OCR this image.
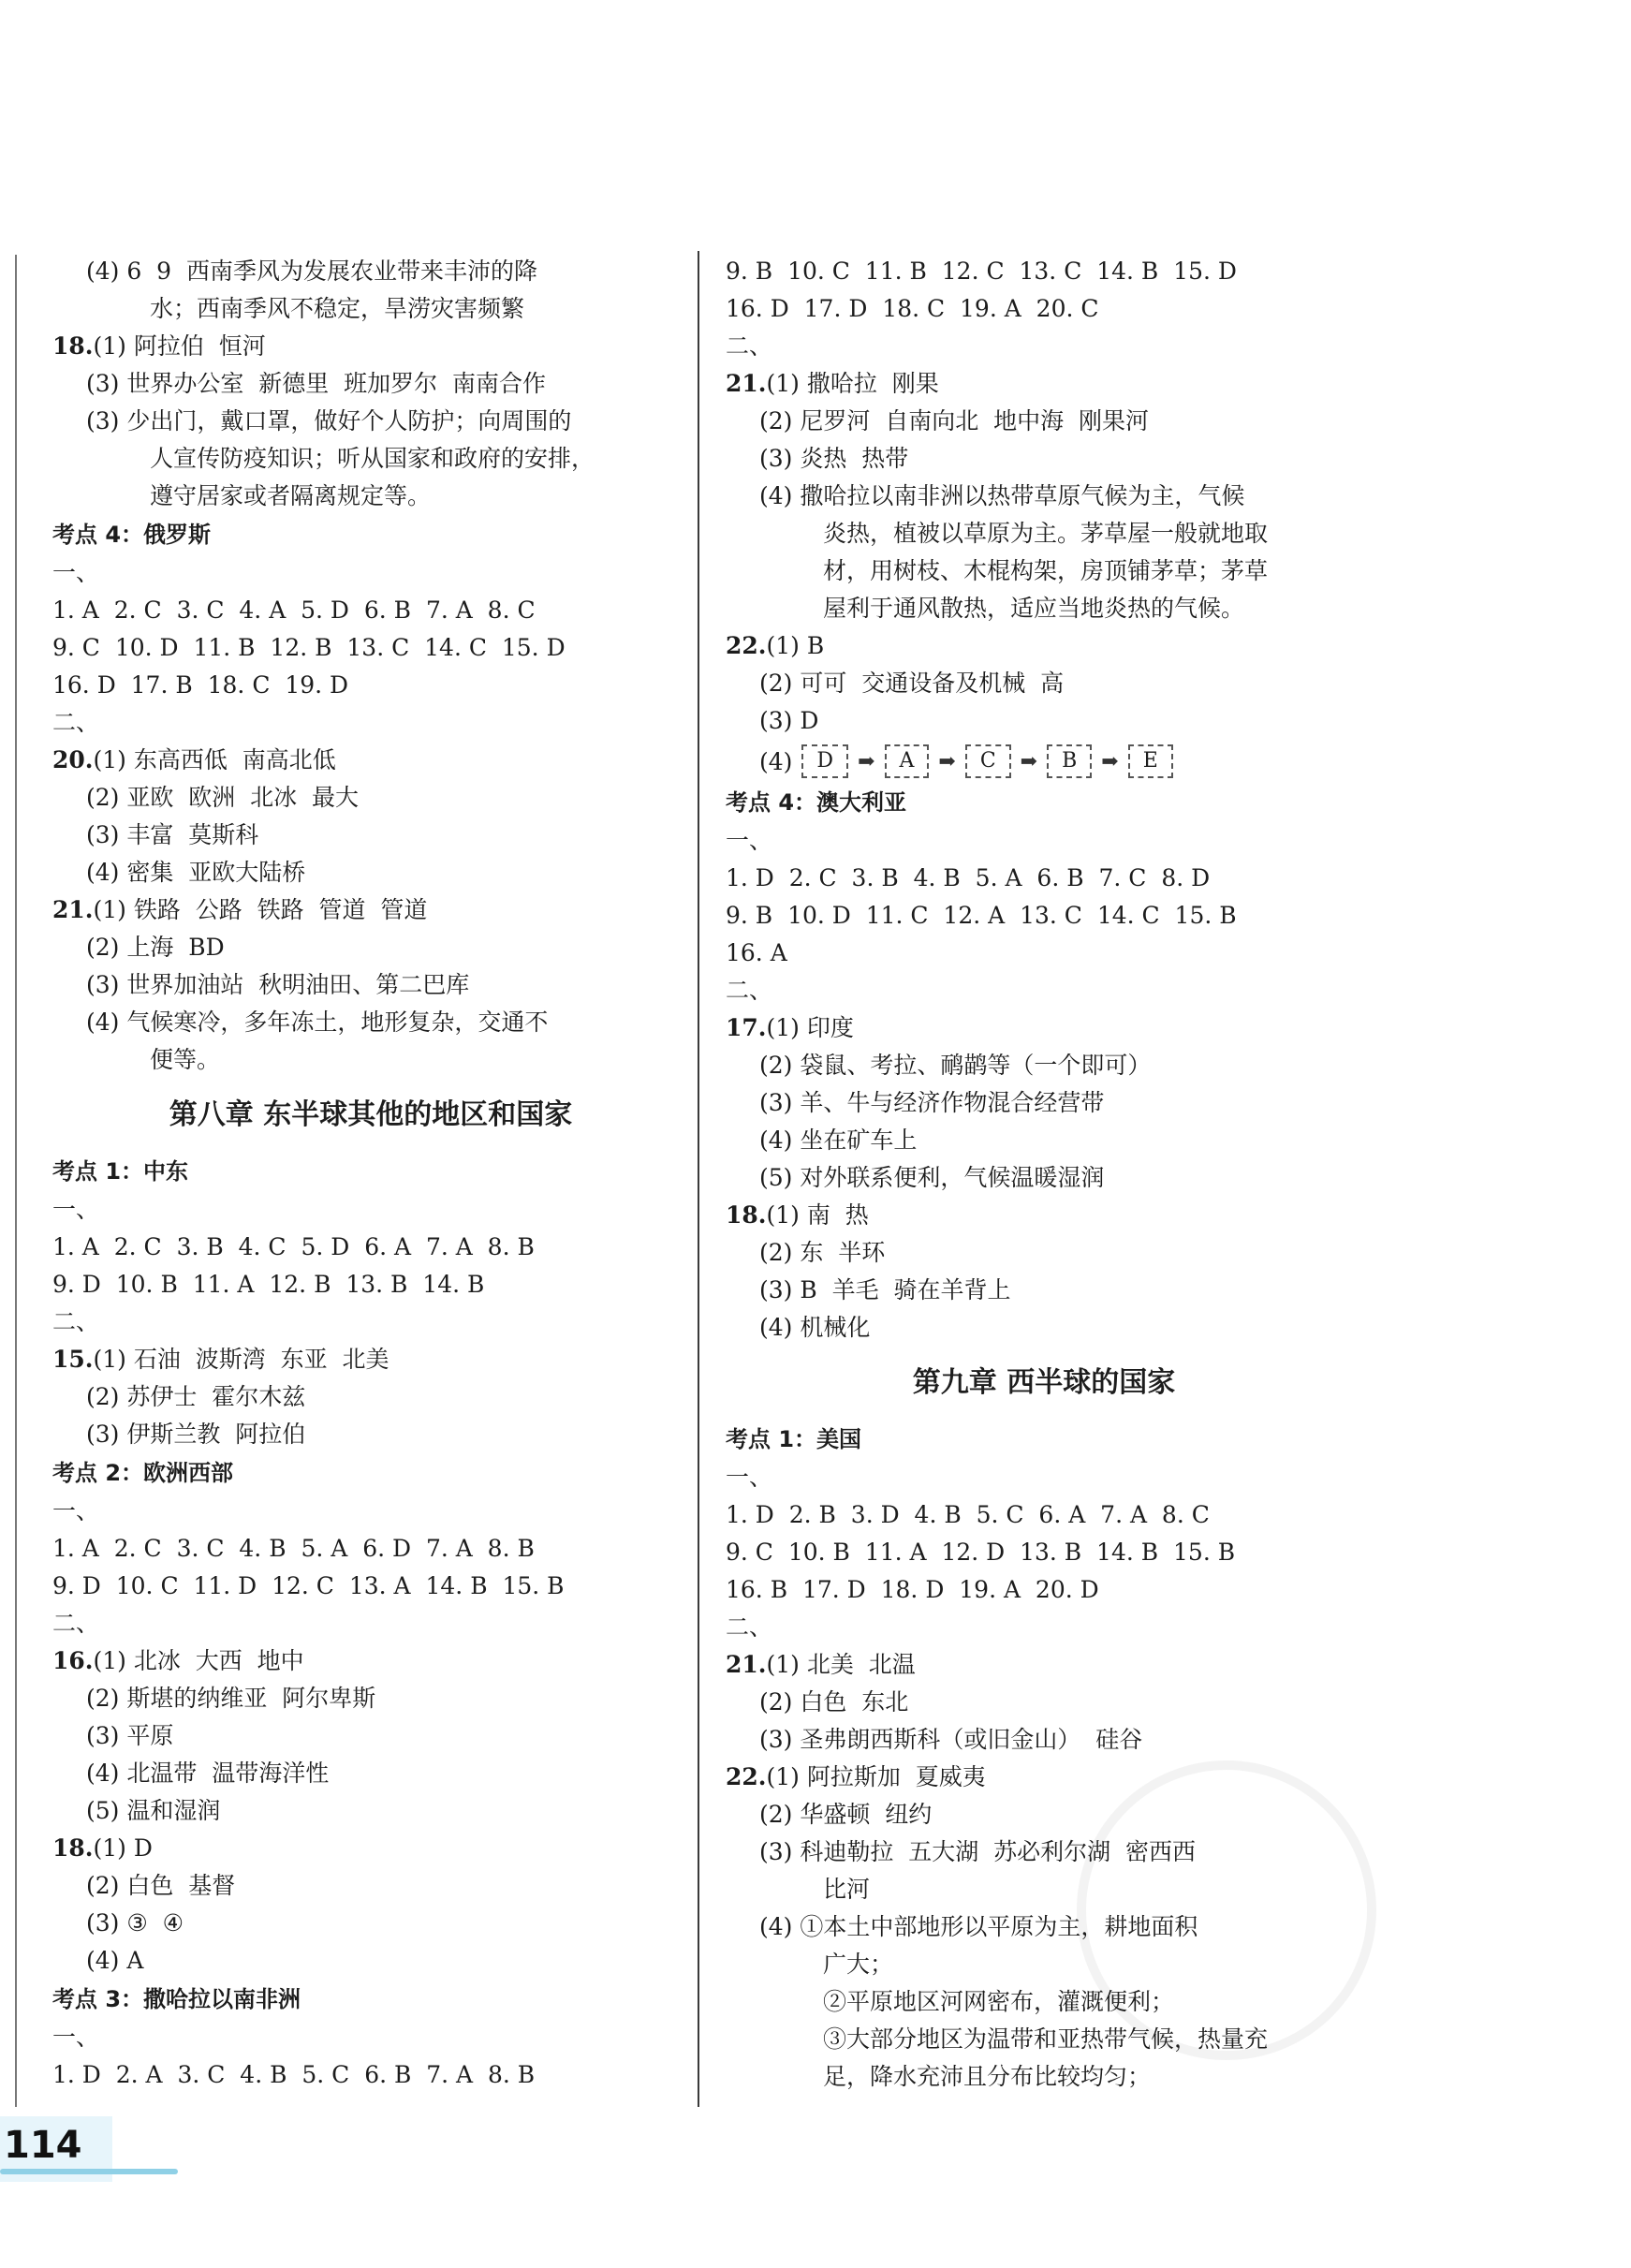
(4) 6  9  西南季风为发展农业带来丰沛的降
水；西南季风不稳定，旱涝灾害频繁
18.(1) 阿拉伯  恒河
(3) 世界办公室  新德里  班加罗尔  南南合作
(3) 少出门，戴口罩，做好个人防护；向周围的
人宣传防疫知识；听从国家和政府的安排，
遵守居家或者隔离规定等。
考点 4：俄罗斯
一、
1. A  2. C  3. C  4. A  5. D  6. B  7. A  8. C
9. C  10. D  11. B  12. B  13. C  14. C  15. D
16. D  17. B  18. C  19. D
二、
20.(1) 东高西低  南高北低
(2) 亚欧  欧洲  北冰  最大
(3) 丰富  莫斯科
(4) 密集  亚欧大陆桥
21.(1) 铁路  公路  铁路  管道  管道
(2) 上海  BD
(3) 世界加油站  秋明油田、第二巴库
(4) 气候寒冷，多年冻土，地形复杂，交通不
便等。
第八章 东半球其他的地区和国家
考点 1：中东
一、
1. A  2. C  3. B  4. C  5. D  6. A  7. A  8. B
9. D  10. B  11. A  12. B  13. B  14. B
二、
15.(1) 石油  波斯湾  东亚  北美
(2) 苏伊士  霍尔木兹
(3) 伊斯兰教  阿拉伯
考点 2：欧洲西部
一、
1. A  2. C  3. C  4. B  5. A  6. D  7. A  8. B
9. D  10. C  11. D  12. C  13. A  14. B  15. B
二、
16.(1) 北冰  大西  地中
(2) 斯堪的纳维亚  阿尔卑斯
(3) 平原
(4) 北温带  温带海洋性
(5) 温和湿润
18.(1) D
(2) 白色  基督
(3) ③  ④
(4) A
考点 3：撒哈拉以南非洲
一、
1. D  2. A  3. C  4. B  5. C  6. B  7. A  8. B
9. B  10. C  11. B  12. C  13. C  14. B  15. D
16. D  17. D  18. C  19. A  20. C
二、
21.(1) 撒哈拉  刚果
(2) 尼罗河  自南向北  地中海  刚果河
(3) 炎热  热带
(4) 撒哈拉以南非洲以热带草原气候为主，气候
炎热，植被以草原为主。茅草屋一般就地取
材，用树枝、木棍构架，房顶铺茅草；茅草
屋利于通风散热，适应当地炎热的气候。
22.(1) B
(2) 可可  交通设备及机械  高
(3) D
(4)	D	➡	A	➡	C	➡	B	➡	E
考点 4：澳大利亚
一、
1. D  2. C  3. B  4. B  5. A  6. B  7. C  8. D
9. B  10. D  11. C  12. A  13. C  14. C  15. B
16. A
二、
17.(1) 印度
(2) 袋鼠、考拉、鸸鹋等（一个即可）
(3) 羊、牛与经济作物混合经营带
(4) 坐在矿车上
(5) 对外联系便利，气候温暖湿润
18.(1) 南  热
(2) 东  半环
(3) B  羊毛  骑在羊背上
(4) 机械化
第九章 西半球的国家
考点 1：美国
一、
1. D  2. B  3. D  4. B  5. C  6. A  7. A  8. C
9. C  10. B  11. A  12. D  13. B  14. B  15. B
16. B  17. D  18. D  19. A  20. D
二、
21.(1) 北美  北温
(2) 白色  东北
(3) 圣弗朗西斯科（或旧金山）  硅谷
22.(1) 阿拉斯加  夏威夷
(2) 华盛顿  纽约
(3) 科迪勒拉  五大湖  苏必利尔湖  密西西
比河
(4) ①本土中部地形以平原为主，耕地面积
广大；
②平原地区河网密布，灌溉便利；
③大部分地区为温带和亚热带气候，热量充
足，降水充沛且分布比较均匀；
114
